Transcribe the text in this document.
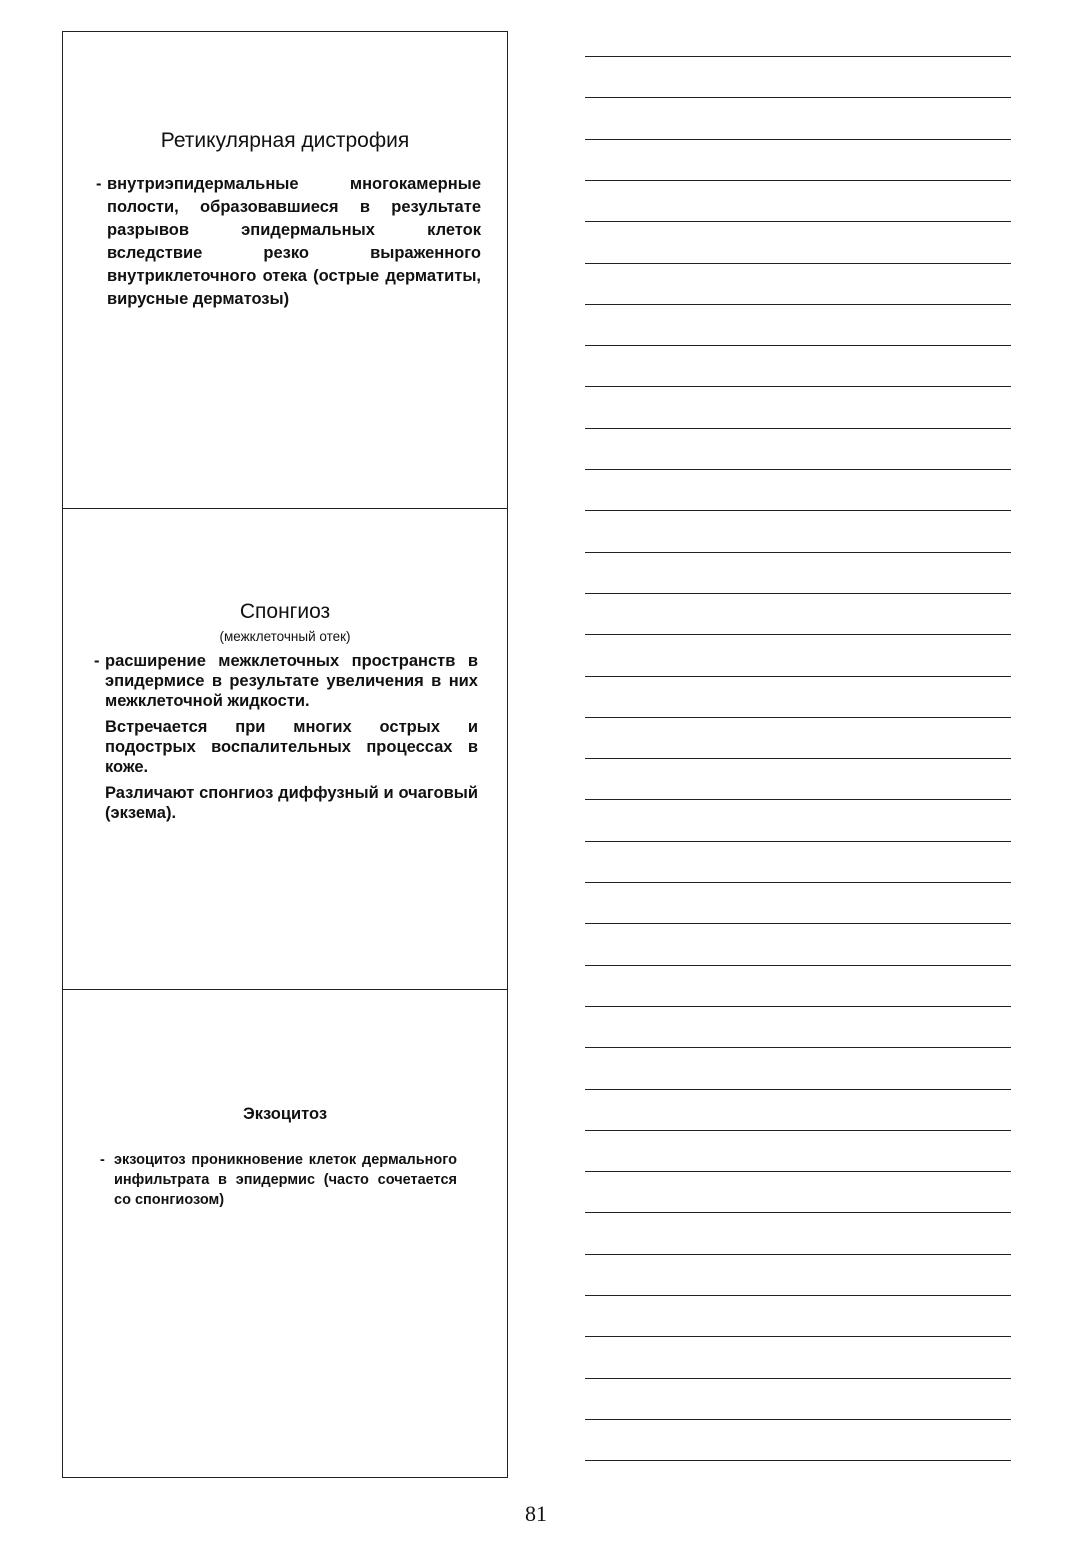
Ретикулярная дистрофия
- внутриэпидермальные многокамерные полости, образовавшиеся в результате разрывов эпидермальных клеток вследствие резко выраженного внутриклеточного отека (острые дерматиты, вирусные дерматозы)
Спонгиоз
(межклеточный отек)
- расширение межклеточных пространств в эпидермисе в результате увеличения в них межклеточной жидкости.
Встречается при многих острых и подострых воспалительных процессах в коже.
Различают спонгиоз диффузный и очаговый (экзема).
Экзоцитоз
- экзоцитоз проникновение клеток дермального инфильтрата в эпидермис (часто сочетается со спонгиозом)
81
